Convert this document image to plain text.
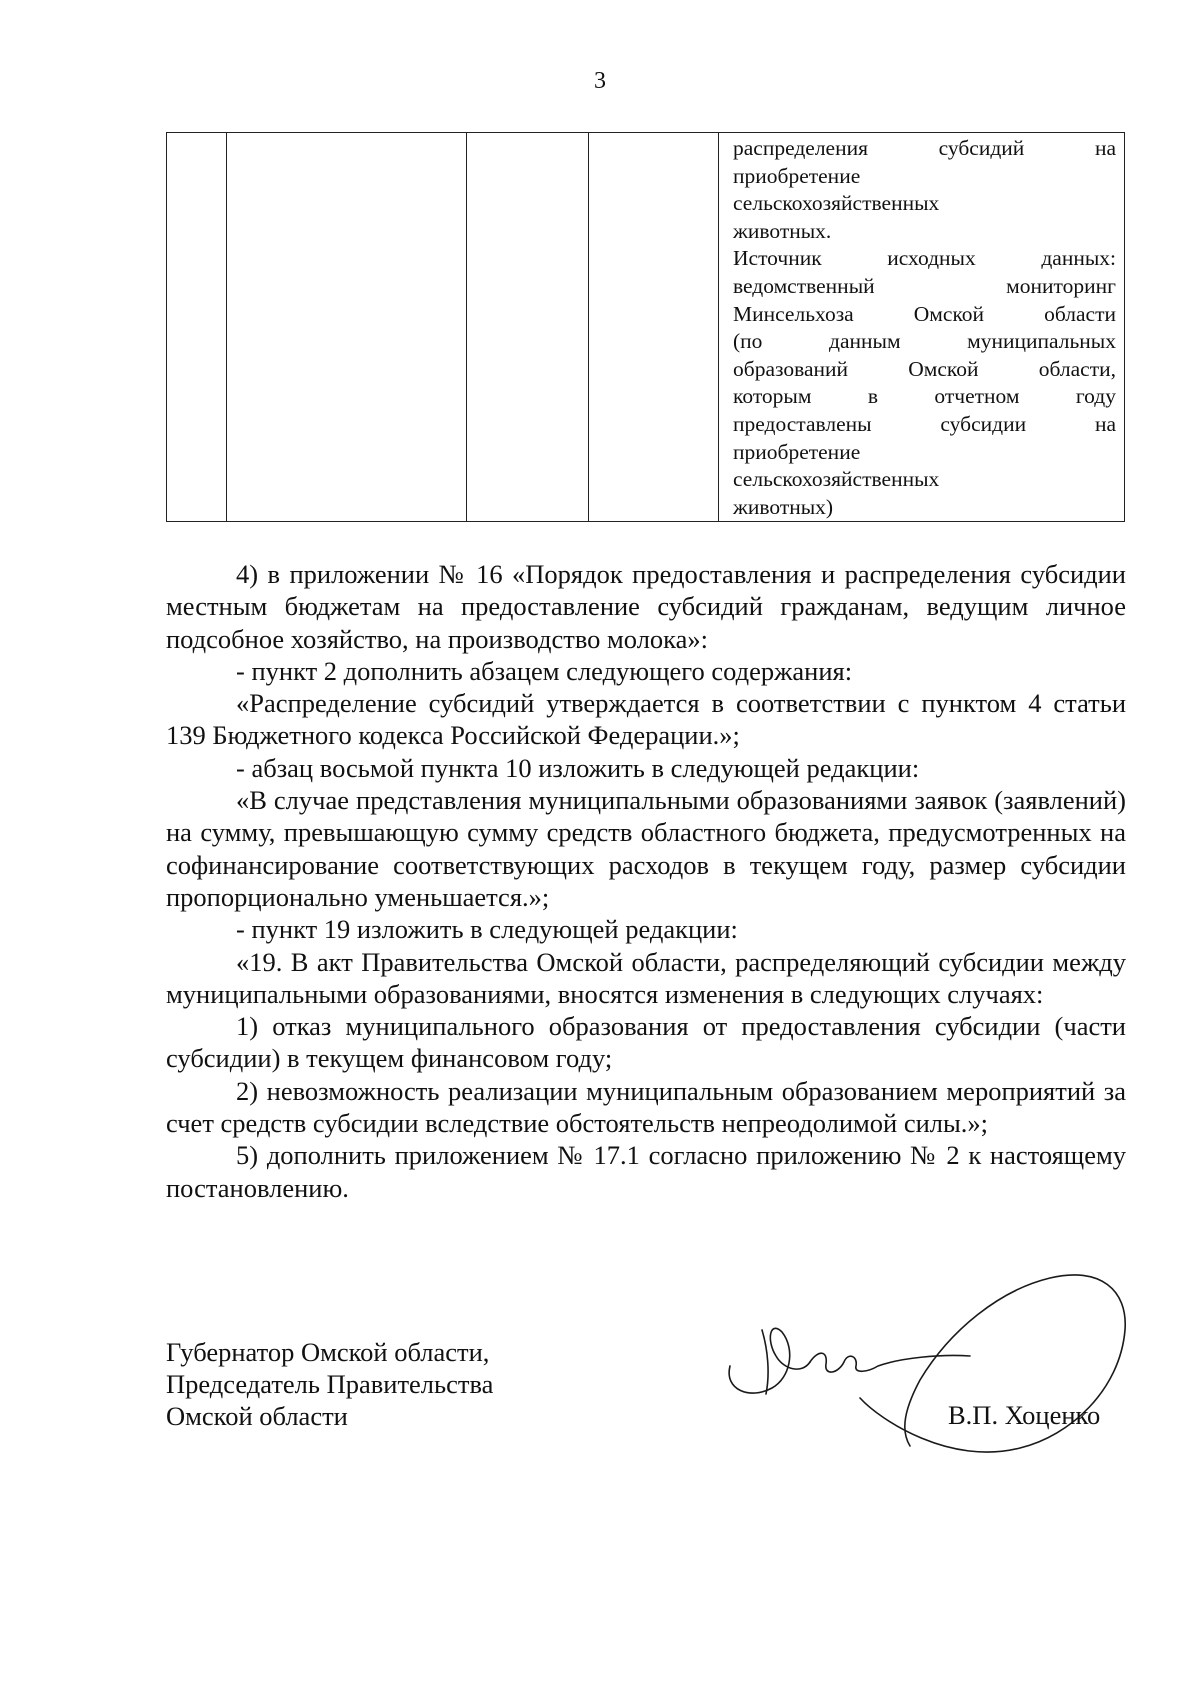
3

распределения субсидий на
приобретение
сельскохозяйственных
животных.
Источник исходных данных:
ведомственный мониторинг
Минсельхоза Омской области
(по данным муниципальных
образований Омской области,
которым в отчетном году
предоставлены субсидии на
приобретение
сельскохозяйственных
животных)

4) в приложении № 16 «Порядок предоставления и распределения субсидии местным бюджетам на предоставление субсидий гражданам, ведущим личное подсобное хозяйство, на производство молока»:

- пункт 2 дополнить абзацем следующего содержания:

«Распределение субсидий утверждается в соответствии с пунктом 4 статьи 139 Бюджетного кодекса Российской Федерации.»;

- абзац восьмой пункта 10 изложить в следующей редакции:

«В случае представления муниципальными образованиями заявок (заявлений) на сумму, превышающую сумму средств областного бюджета, предусмотренных на софинансирование соответствующих расходов в текущем году, размер субсидии пропорционально уменьшается.»;

- пункт 19 изложить в следующей редакции:

«19. В акт Правительства Омской области, распределяющий субсидии между муниципальными образованиями, вносятся изменения в следующих случаях:

1) отказ муниципального образования от предоставления субсидии (части субсидии) в текущем финансовом году;

2) невозможность реализации муниципальным образованием мероприятий за счет средств субсидии вследствие обстоятельств непреодолимой силы.»;

5) дополнить приложением № 17.1 согласно приложению № 2 к настоящему постановлению.

Губернатор Омской области,
Председатель Правительства
Омской области	В.П. Хоценко
